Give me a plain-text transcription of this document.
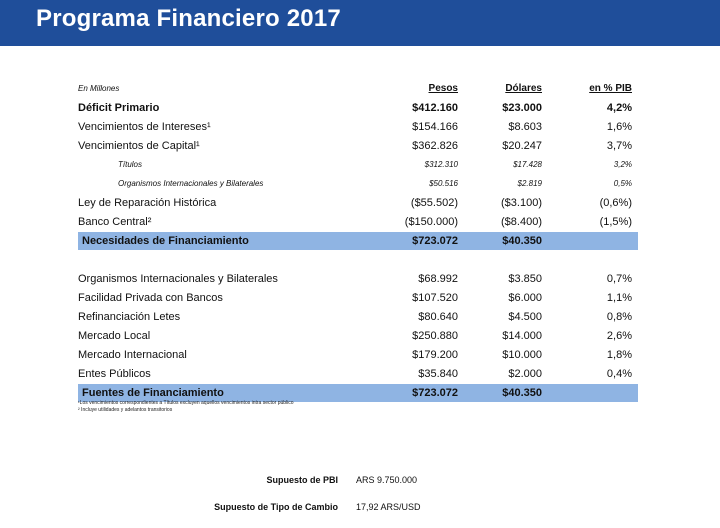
Programa Financiero 2017
En Millones	Pesos	Dólares	en % PIB
Déficit Primario	$412.160	$23.000	4,2%
Vencimientos de Intereses¹	$154.166	$8.603	1,6%
Vencimientos de Capital¹	$362.826	$20.247	3,7%
Títulos	$312.310	$17.428	3,2%
Organismos Internacionales y Bilaterales	$50.516	$2.819	0,5%
Ley de Reparación Histórica	($55.502)	($3.100)	(0,6%)
Banco Central²	($150.000)	($8.400)	(1,5%)
Necesidades de Financiamiento	$723.072	$40.350
Organismos Internacionales y Bilaterales	$68.992	$3.850	0,7%
Facilidad Privada con Bancos	$107.520	$6.000	1,1%
Refinanciación Letes	$80.640	$4.500	0,8%
Mercado Local	$250.880	$14.000	2,6%
Mercado Internacional	$179.200	$10.000	1,8%
Entes Públicos	$35.840	$2.000	0,4%
Fuentes de Financiamiento	$723.072	$40.350
¹Los vencimientos correspondientes a Títulos excluyen aquellos vencimientos intra sector público
² Incluye utilidades y adelantos transitorios
Supuesto de PBI ARS 9.750.000
Supuesto de Tipo de Cambio 17,92 ARS/USD
